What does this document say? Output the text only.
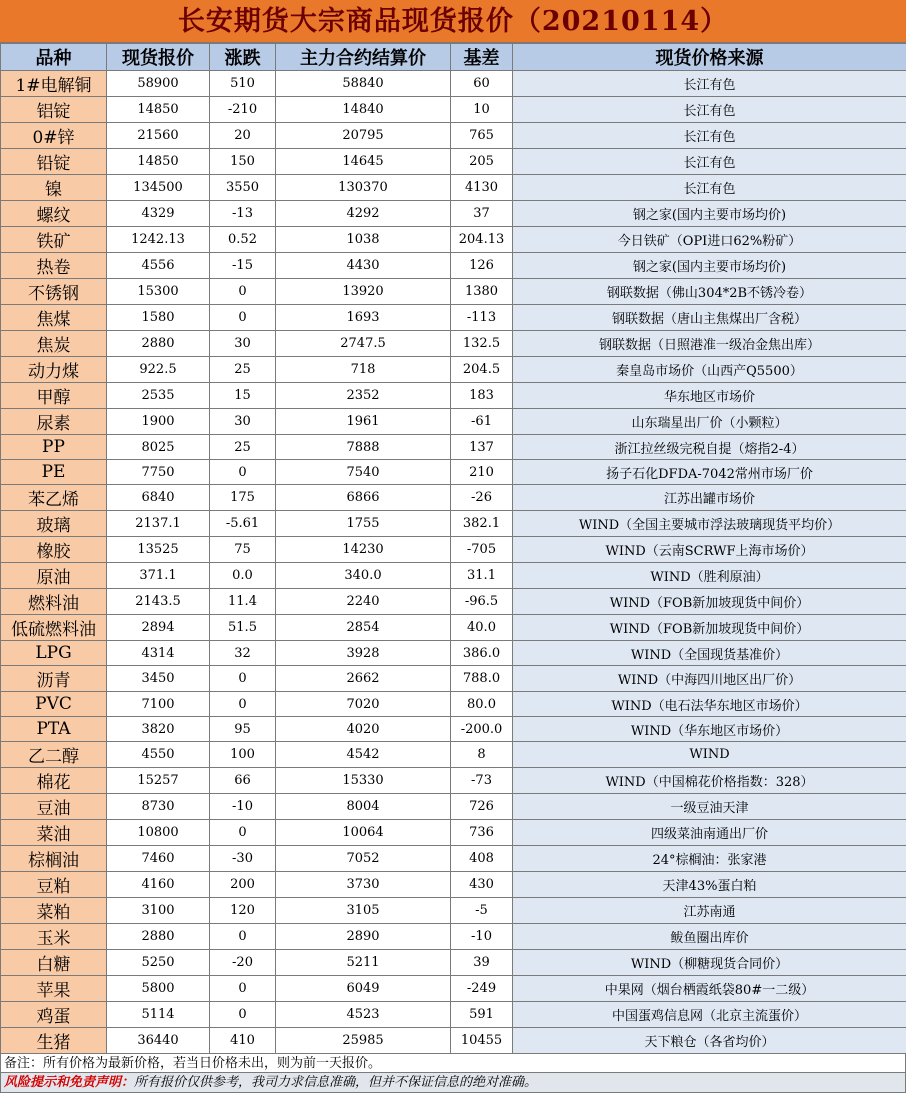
长安期货大宗商品现货报价（20210114）
品种	现货报价	涨跌	主力合约结算价	基差	现货价格来源
1#电解铜	58900	510	58840	60	长江有色
铝锭	14850	-210	14840	10	长江有色
0#锌	21560	20	20795	765	长江有色
铅锭	14850	150	14645	205	长江有色
镍	134500	3550	130370	4130	长江有色
螺纹	4329	-13	4292	37	钢之家(国内主要市场均价)
铁矿	1242.13	0.52	1038	204.13	今日铁矿（OPI进口62%粉矿）
热卷	4556	-15	4430	126	钢之家(国内主要市场均价)
不锈钢	15300	0	13920	1380	钢联数据（佛山304*2B不锈冷卷）
焦煤	1580	0	1693	-113	钢联数据（唐山主焦煤出厂含税）
焦炭	2880	30	2747.5	132.5	钢联数据（日照港准一级冶金焦出库）
动力煤	922.5	25	718	204.5	秦皇岛市场价（山西产Q5500）
甲醇	2535	15	2352	183	华东地区市场价
尿素	1900	30	1961	-61	山东瑞星出厂价（小颗粒）
PP	8025	25	7888	137	浙江拉丝级完税自提（熔指2-4）
PE	7750	0	7540	210	扬子石化DFDA-7042常州市场厂价
苯乙烯	6840	175	6866	-26	江苏出罐市场价
玻璃	2137.1	-5.61	1755	382.1	WIND（全国主要城市浮法玻璃现货平均价）
橡胶	13525	75	14230	-705	WIND（云南SCRWF上海市场价）
原油	371.1	0.0	340.0	31.1	WIND（胜利原油）
燃料油	2143.5	11.4	2240	-96.5	WIND（FOB新加坡现货中间价）
低硫燃料油	2894	51.5	2854	40.0	WIND（FOB新加坡现货中间价）
LPG	4314	32	3928	386.0	WIND（全国现货基准价）
沥青	3450	0	2662	788.0	WIND（中海四川地区出厂价）
PVC	7100	0	7020	80.0	WIND（电石法华东地区市场价）
PTA	3820	95	4020	-200.0	WIND（华东地区市场价）
乙二醇	4550	100	4542	8	WIND
棉花	15257	66	15330	-73	WIND（中国棉花价格指数：328）
豆油	8730	-10	8004	726	一级豆油天津
菜油	10800	0	10064	736	四级菜油南通出厂价
棕榈油	7460	-30	7052	408	24°棕榈油：张家港
豆粕	4160	200	3730	430	天津43%蛋白粕
菜粕	3100	120	3105	-5	江苏南通
玉米	2880	0	2890	-10	鲅鱼圈出库价
白糖	5250	-20	5211	39	WIND（柳糖现货合同价）
苹果	5800	0	6049	-249	中果网（烟台栖霞纸袋80#一二级）
鸡蛋	5114	0	4523	591	中国蛋鸡信息网（北京主流蛋价）
生猪	36440	410	25985	10455	天下粮仓（各省均价）
备注：所有价格为最新价格，若当日价格未出，则为前一天报价。
风险提示和免责声明：所有报价仅供参考，我司力求信息准确，但并不保证信息的绝对准确。
